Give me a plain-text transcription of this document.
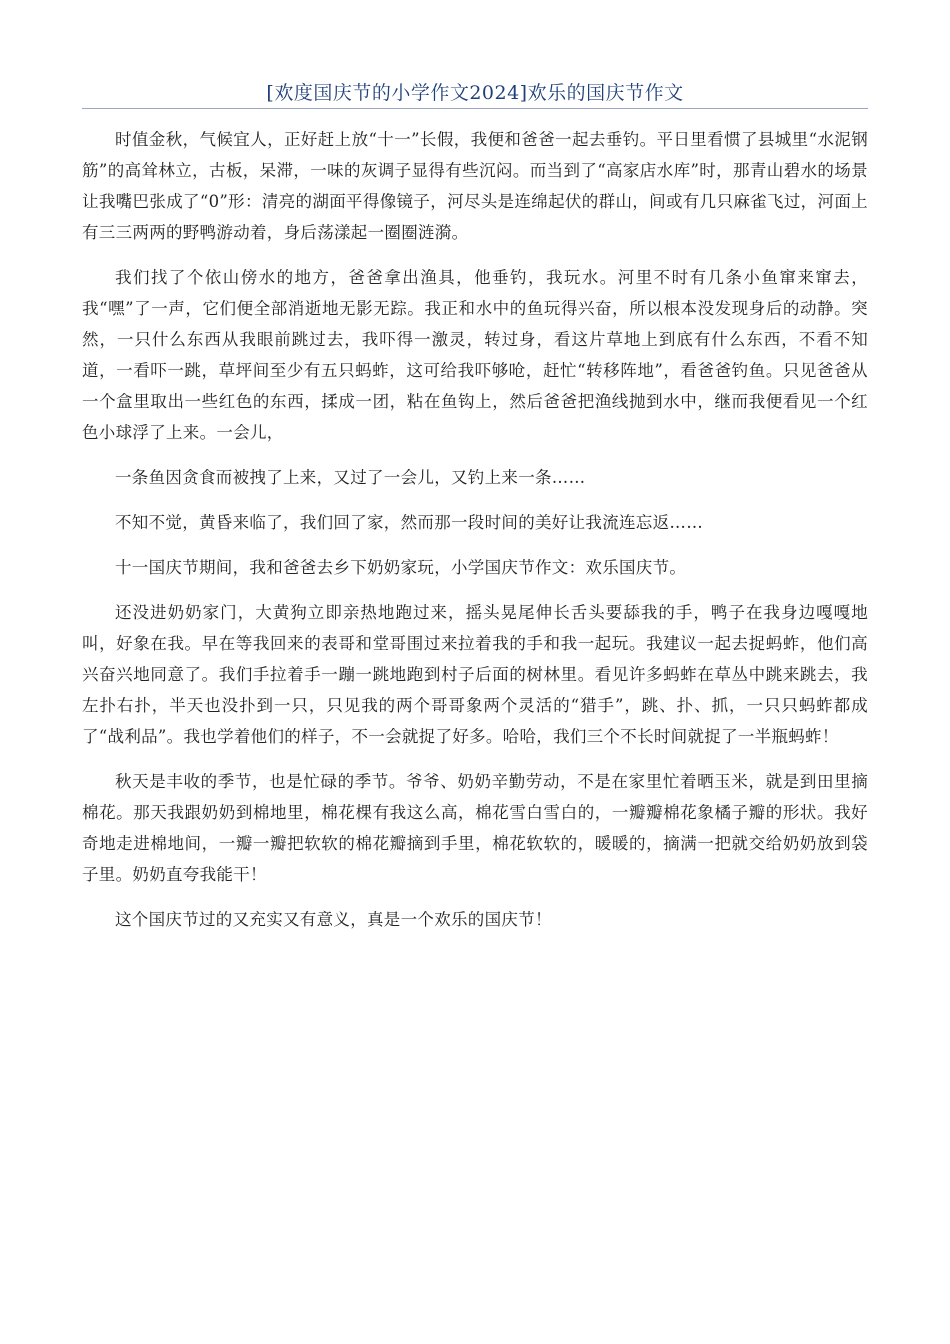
[欢度国庆节的小学作文2024]欢乐的国庆节作文

时值金秋，气候宜人，正好赶上放“十一”长假，我便和爸爸一起去垂钓。平日里看惯了县城里“水泥钢筋”的高耸林立，古板，呆滞，一味的灰调子显得有些沉闷。而当到了“高家店水库”时，那青山碧水的场景让我嘴巴张成了“0”形：清亮的湖面平得像镜子，河尽头是连绵起伏的群山，间或有几只麻雀飞过，河面上有三三两两的野鸭游动着，身后荡漾起一圈圈涟漪。

我们找了个依山傍水的地方，爸爸拿出渔具，他垂钓，我玩水。河里不时有几条小鱼窜来窜去，我“嘿”了一声，它们便全部消逝地无影无踪。我正和水中的鱼玩得兴奋，所以根本没发现身后的动静。突然，一只什么东西从我眼前跳过去，我吓得一激灵，转过身，看这片草地上到底有什么东西，不看不知道，一看吓一跳，草坪间至少有五只蚂蚱，这可给我吓够呛，赶忙“转移阵地”，看爸爸钓鱼。只见爸爸从一个盒里取出一些红色的东西，揉成一团，粘在鱼钩上，然后爸爸把渔线抛到水中，继而我便看见一个红色小球浮了上来。一会儿，

一条鱼因贪食而被拽了上来，又过了一会儿，又钓上来一条……

不知不觉，黄昏来临了，我们回了家，然而那一段时间的美好让我流连忘返……

十一国庆节期间，我和爸爸去乡下奶奶家玩，小学国庆节作文：欢乐国庆节。

还没进奶奶家门，大黄狗立即亲热地跑过来，摇头晃尾伸长舌头要舔我的手，鸭子在我身边嘎嘎地叫，好象在我。早在等我回来的表哥和堂哥围过来拉着我的手和我一起玩。我建议一起去捉蚂蚱，他们高兴奋兴地同意了。我们手拉着手一蹦一跳地跑到村子后面的树林里。看见许多蚂蚱在草丛中跳来跳去，我左扑右扑，半天也没扑到一只，只见我的两个哥哥象两个灵活的“猎手”，跳、扑、抓，一只只蚂蚱都成了“战利品”。我也学着他们的样子，不一会就捉了好多。哈哈，我们三个不长时间就捉了一半瓶蚂蚱！

秋天是丰收的季节，也是忙碌的季节。爷爷、奶奶辛勤劳动，不是在家里忙着晒玉米，就是到田里摘棉花。那天我跟奶奶到棉地里，棉花棵有我这么高，棉花雪白雪白的，一瓣瓣棉花象橘子瓣的形状。我好奇地走进棉地间，一瓣一瓣把软软的棉花瓣摘到手里，棉花软软的，暖暖的，摘满一把就交给奶奶放到袋子里。奶奶直夸我能干！

这个国庆节过的又充实又有意义，真是一个欢乐的国庆节！
